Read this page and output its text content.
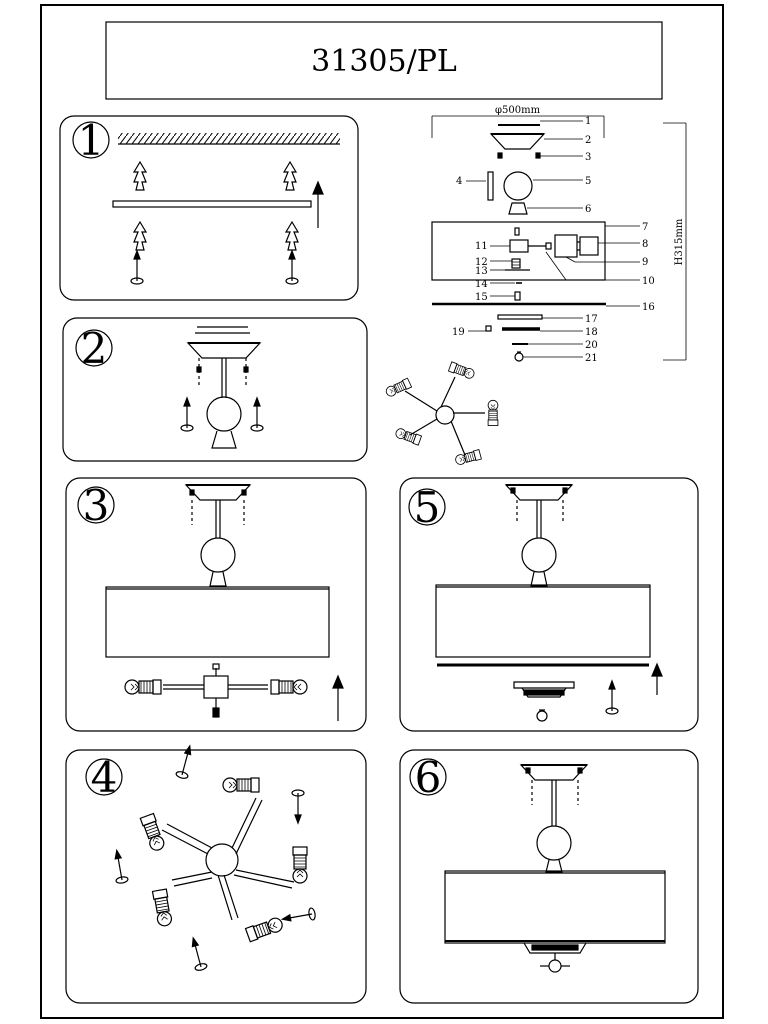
31305/PL
1
2
φ500mm
H315mm
1
2
3
4	5
6
7
8
9
10
11
12
13
14
15
16
17
18
19
20
21
3	5
4	6
